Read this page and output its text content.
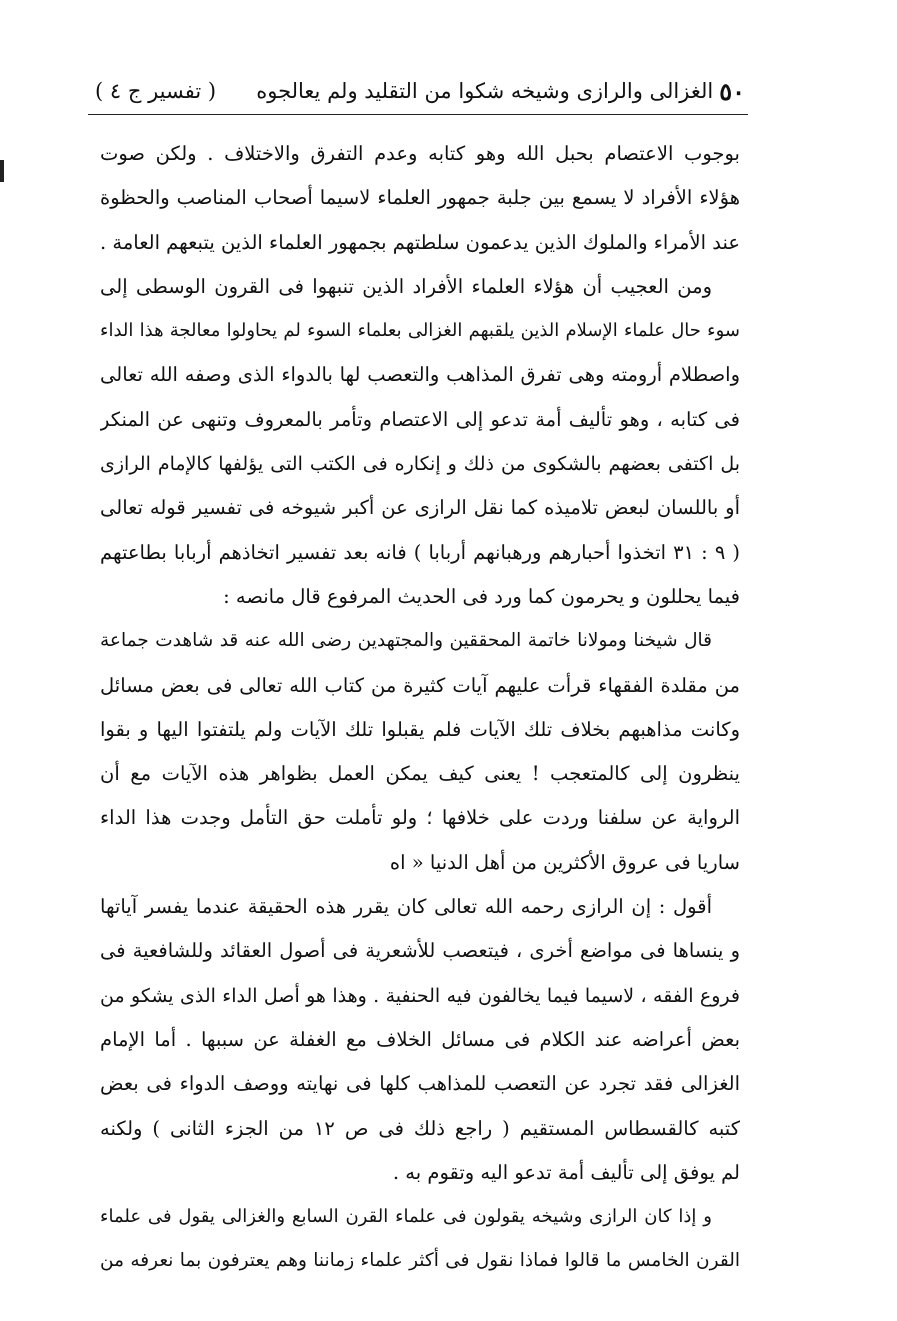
٥٠
الغزالى والرازى وشيخه شكوا من التقليد ولم يعالجوه
( تفسير ج ٤ )
بوجوب الاعتصام بحبل الله وهو كتابه وعدم التفرق والاختلاف . ولكن صوت
هؤلاء الأفراد لا يسمع بين جلبة جمهور العلماء لاسيما أصحاب المناصب والحظوة
عند الأمراء والملوك الذين يدعمون سلطتهم بجمهور العلماء الذين يتبعهم العامة .
ومن العجيب أن هؤلاء العلماء الأفراد الذين تنبهوا فى القرون الوسطى إلى
سوء حال علماء الإسلام الذين يلقبهم الغزالى بعلماء السوء لم يحاولوا معالجة هذا الداء
واصطلام أرومته وهى تفرق المذاهب والتعصب لها بالدواء الذى وصفه الله تعالى
فى كتابه ، وهو تأليف أمة تدعو إلى الاعتصام وتأمر بالمعروف وتنهى عن المنكر
بل اكتفى بعضهم بالشكوى من ذلك و إنكاره فى الكتب التى يؤلفها كالإمام الرازى
أو باللسان لبعض تلاميذه كما نقل الرازى عن أكبر شيوخه فى تفسير قوله تعالى
( ٩ : ٣١ اتخذوا أحبارهم ورهبانهم أربابا ) فانه بعد تفسير اتخاذهم أربابا بطاعتهم
فيما يحللون و يحرمون كما ورد فى الحديث المرفوع قال مانصه :
قال شيخنا ومولانا خاتمة المحققين والمجتهدين رضى الله عنه قد شاهدت جماعة
من مقلدة الفقهاء قرأت عليهم آيات كثيرة من كتاب الله تعالى فى بعض مسائل
وكانت مذاهبهم بخلاف تلك الآيات فلم يقبلوا تلك الآيات ولم يلتفتوا اليها و بقوا
ينظرون إلى كالمتعجب ! يعنى كيف يمكن العمل بظواهر هذه الآيات مع أن
الرواية عن سلفنا وردت على خلافها ؛ ولو تأملت حق التأمل وجدت هذا الداء
ساريا فى عروق الأكثرين من أهل الدنيا « اه
أقول : إن الرازى رحمه الله تعالى كان يقرر هذه الحقيقة عندما يفسر آياتها
و ينساها فى مواضع أخرى ، فيتعصب للأشعرية فى أصول العقائد وللشافعية فى
فروع الفقه ، لاسيما فيما يخالفون فيه الحنفية . وهذا هو أصل الداء الذى يشكو من
بعض أعراضه عند الكلام فى مسائل الخلاف مع الغفلة عن سببها . أما الإمام
الغزالى فقد تجرد عن التعصب للمذاهب كلها فى نهايته ووصف الدواء فى بعض
كتبه كالقسطاس المستقيم ( راجع ذلك فى ص ١٢ من الجزء الثانى ) ولكنه
لم يوفق إلى تأليف أمة تدعو اليه وتقوم به .
و إذا كان الرازى وشيخه يقولون فى علماء القرن السابع والغزالى يقول فى علماء
القرن الخامس ما قالوا فماذا نقول فى أكثر علماء زماننا وهم يعترفون بما نعرفه من
